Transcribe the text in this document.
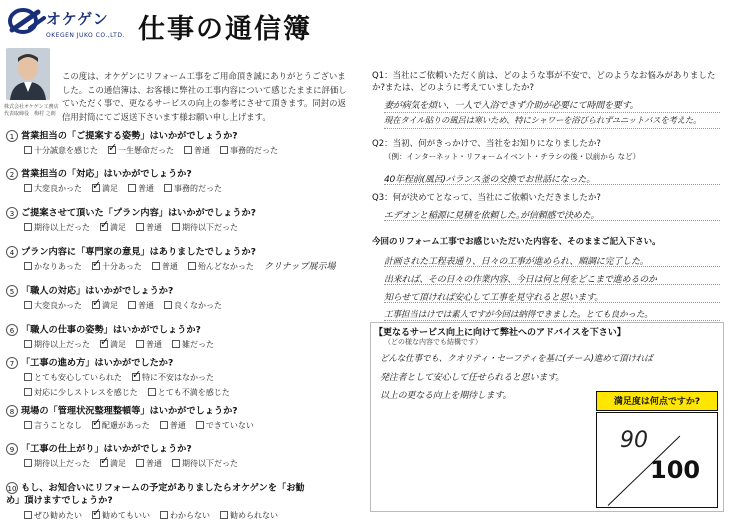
オケゲン
OKEGEN JUKO CO.,LTD. 仕事の通信簿
株式会社オケゲン工務店
代表取締役　梅村 之朗
この度は、オケゲンにリフォーム工事をご用命頂き誠にありがとうございました。この通信簿は、お客様に弊社の工事内容について感じたままに評価していただく事で、更なるサービスの向上の参考にさせて頂きます。同封の返信用封筒にてご返送下さいます様お願い申し上げます。
1 営業担当の「ご提案する姿勢」はいかがでしょうか?
十分誠意を感じた ✓	一生懸命だった	普通	事務的だった
2 営業担当の「対応」はいかがでしょうか?
大変良かった ✓	満足	普通	事務的だった
3 ご提案させて頂いた「プラン内容」はいかがでしょうか?
期待以上だった ✓	満足	普通	期待以下だった
4 プラン内容に「専門家の意見」はありましたでしょうか?
かなりあった ✓	十分あった	普通	殆んどなかった クリナップ展示場
5 「職人の対応」はいかがでしょうか?
大変良かった ✓	満足	普通	良くなかった
6 「職人の仕事の姿勢」はいかがでしょうか?
期待以上だった ✓	満足	普通	雑だった
7 「工事の進め方」はいかがでしたか?
とても安心していられた ✓	特に不安はなかった
対応に少しストレスを感じた	とても不満を感じた
8 現場の「管理状況整理整頓等」はいかがでしょうか?
言うことなし ✓	配慮があった	普通	できていない
9 「工事の仕上がり」はいかがでしょうか?
期待以上だった ✓	満足	普通	期待以下だった
10 もし、お知合いにリフォームの予定がありましたらオケゲンを「お勧め」頂けますでしょうか?
ぜひ勧めたい ✓	勧めてもいい	わからない	勧められない
Q1：当社にご依頼いただく前は、どのような事が不安で、どのようなお悩みがありましたか?または、どのように考えていましたか?
妻が病気を煩い、一人で入浴できず介助が必要にて時間を要す。
現在タイル貼りの風呂は寒いため、特にシャワーを浴びられずユニットバスを考えた。
Q2：当初、何がきっかけで、当社をお知りになりましたか?
（例：インターネット・リフォームイベント・チラシの後・以前から など）
40年程前(風呂)バランス釜の交換でお世話になった。
Q3：何が決めてとなって、当社にご依頼いただきましたか?
エデオンと稲源に見積を依頼した｡が信頼感で決めた。
今回のリフォーム工事でお感じいただいた内容を、そのままご記入下さい。
計画された工程表通り、日々の工事が進められ、順調に完了した。
出来れば、その日々の作業内容、今日は何と何をどこまで進めるのか
知らせて頂ければ安心して工事を見守れると思います。
工事担当はけでは素人ですが今回は納得できました。とても良かった。
【更なるサービス向上に向けて弊社へのアドバイスを下さい】
（どの様な内容でも結構です）
どんな仕事でも、クオリティ・セーフティを基に(チーム)進めて頂ければ
発注者として安心して任せられると思います。
以上の更なる向上を期待します。
満足度は何点ですか?
90
100
